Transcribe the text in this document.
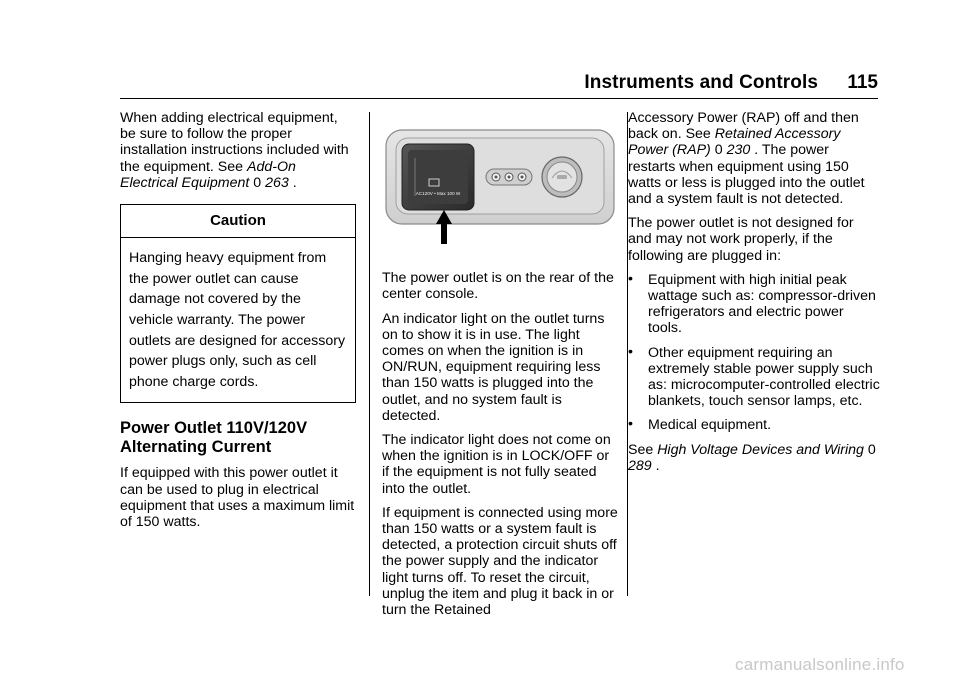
Instruments and Controls 115

When adding electrical equipment, be sure to follow the proper installation instructions included with the equipment. See Add-On Electrical Equipment 0 263 .

Caution
Hanging heavy equipment from the power outlet can cause damage not covered by the vehicle warranty. The power outlets are designed for accessory power plugs only, such as cell phone charge cords.
Power Outlet 110V/120V Alternating Current

If equipped with this power outlet it can be used to plug in electrical equipment that uses a maximum limit of 150 watts.

AC120V • Max 100 W

The power outlet is on the rear of the center console.

An indicator light on the outlet turns on to show it is in use. The light comes on when the ignition is in ON/RUN, equipment requiring less than 150 watts is plugged into the outlet, and no system fault is detected.

The indicator light does not come on when the ignition is in LOCK/OFF or if the equipment is not fully seated into the outlet.

If equipment is connected using more than 150 watts or a system fault is detected, a protection circuit shuts off the power supply and the indicator light turns off. To reset the circuit, unplug the item and plug it back in or turn the Retained

Accessory Power (RAP) off and then back on. See Retained Accessory Power (RAP) 0 230 . The power restarts when equipment using 150 watts or less is plugged into the outlet and a system fault is not detected.

The power outlet is not designed for and may not work properly, if the following are plugged in:

• Equipment with high initial peak wattage such as: compressor-driven refrigerators and electric power tools.
• Other equipment requiring an extremely stable power supply such as: microcomputer-controlled electric blankets, touch sensor lamps, etc.
• Medical equipment.

See High Voltage Devices and Wiring 0 289 .

carmanualsonline.info
